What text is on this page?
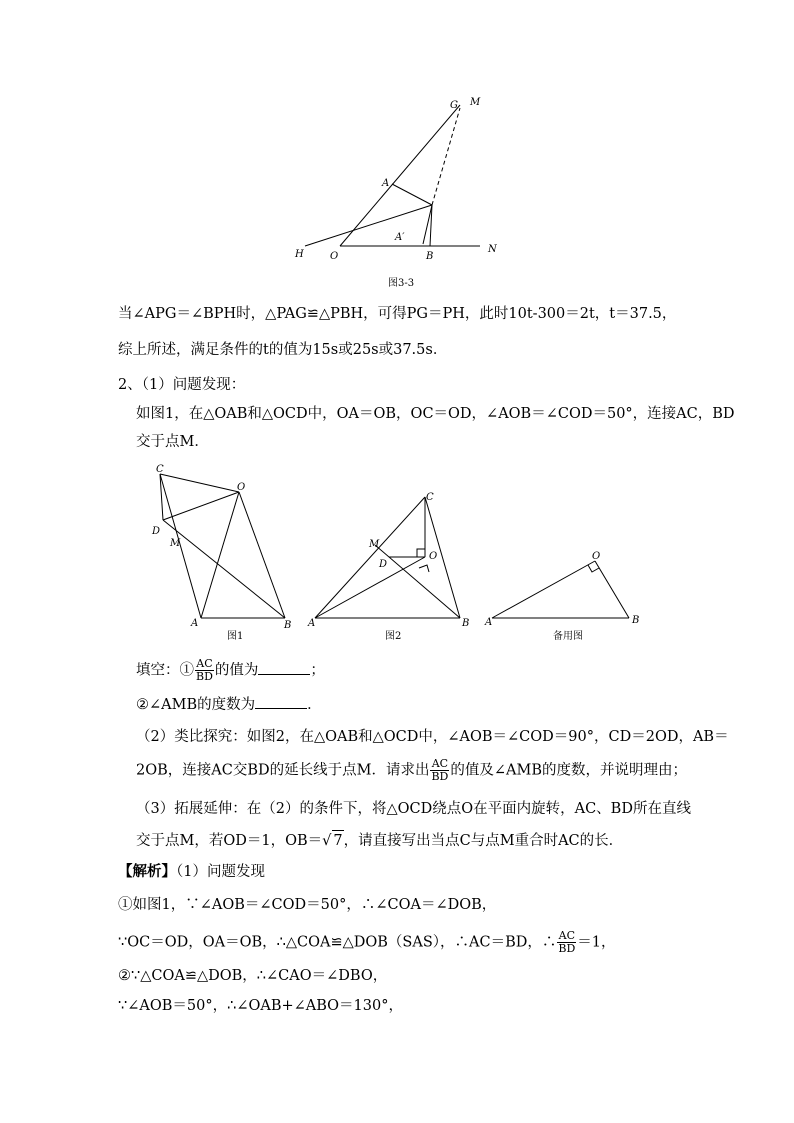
G M
A
A′
H	O	B
N
图3-3
当∠APG＝∠BPH时，△PAG≌△PBH，可得PG＝PH，此时10t-300＝2t，t＝37.5，
综上所述，满足条件的t的值为15s或25s或37.5s．
2、（1）问题发现：
如图1，在△OAB和△OCD中，OA＝OB，OC＝OD，∠AOB＝∠COD＝50°，连接AC，BD
交于点M．
C
O
D
M
A	B
图1
C
M
O
D
A	B
图2
O
A	B
备用图
填空：① $\frac{AC}{BD}$ 的值为	；
②∠AMB的度数为	．
（2）类比探究：如图2，在△OAB和△OCD中，∠AOB＝∠COD＝90°，CD＝2OD，AB＝
2OB，连接AC交BD的延长线于点M．请求出 $\frac{AC}{BD}$ 的值及∠AMB的度数，并说明理由；
（3）拓展延伸：在（2）的条件下，将△OCD绕点O在平面内旋转，AC、BD所在直线
交于点M，若OD＝1，OB＝√ 7，请直接写出当点C与点M重合时AC的长．
【解析】（1）问题发现
①如图1，∵∠AOB＝∠COD＝50°，∴∠COA＝∠DOB，
∵OC＝OD，OA＝OB，∴△COA≌△DOB（SAS），∴AC＝BD，∴ $\frac{AC}{BD} =1$，
②∵△COA≌△DOB，∴∠CAO＝∠DBO，
∵∠AOB＝50°，∴∠OAB+∠ABO＝130°，
